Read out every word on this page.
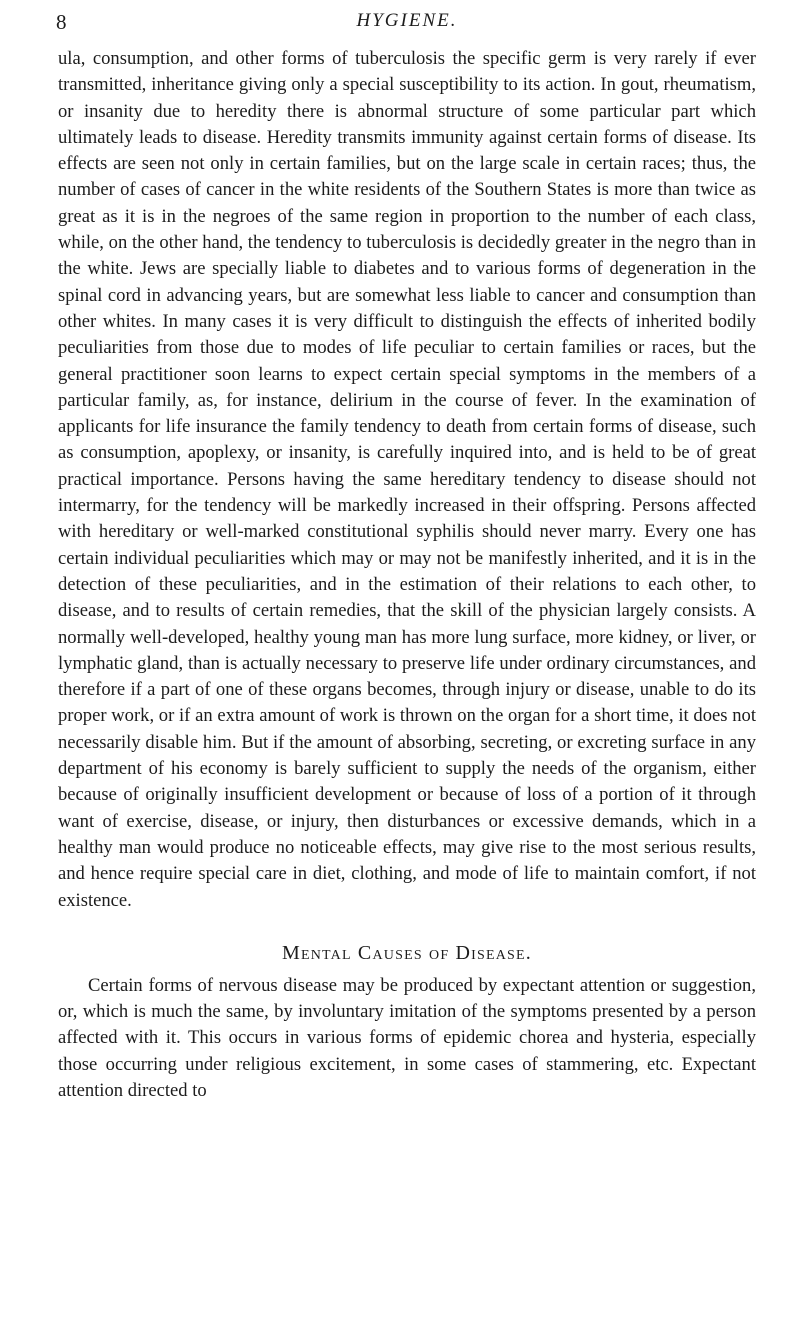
8	HYGIENE.

ula, consumption, and other forms of tuberculosis the specific germ is very rarely if ever transmitted, inheritance giving only a special susceptibility to its action. In gout, rheumatism, or insanity due to heredity there is abnormal structure of some particular part which ultimately leads to disease. Heredity transmits immunity against certain forms of disease. Its effects are seen not only in certain families, but on the large scale in certain races; thus, the number of cases of cancer in the white residents of the Southern States is more than twice as great as it is in the negroes of the same region in proportion to the number of each class, while, on the other hand, the tendency to tuberculosis is decidedly greater in the negro than in the white. Jews are specially liable to diabetes and to various forms of degeneration in the spinal cord in advancing years, but are somewhat less liable to cancer and consumption than other whites. In many cases it is very difficult to distinguish the effects of inherited bodily peculiarities from those due to modes of life peculiar to certain families or races, but the general practitioner soon learns to expect certain special symptoms in the members of a particular family, as, for instance, delirium in the course of fever. In the examination of applicants for life insurance the family tendency to death from certain forms of disease, such as consumption, apoplexy, or insanity, is carefully inquired into, and is held to be of great practical importance. Persons having the same hereditary tendency to disease should not intermarry, for the tendency will be markedly increased in their offspring. Persons affected with hereditary or well-marked constitutional syphilis should never marry. Every one has certain individual peculiarities which may or may not be manifestly inherited, and it is in the detection of these peculiarities, and in the estimation of their relations to each other, to disease, and to results of certain remedies, that the skill of the physician largely consists. A normally well-developed, healthy young man has more lung surface, more kidney, or liver, or lymphatic gland, than is actually necessary to preserve life under ordinary circumstances, and therefore if a part of one of these organs becomes, through injury or disease, unable to do its proper work, or if an extra amount of work is thrown on the organ for a short time, it does not necessarily disable him. But if the amount of absorbing, secreting, or excreting surface in any department of his economy is barely sufficient to supply the needs of the organism, either because of originally insufficient development or because of loss of a portion of it through want of exercise, disease, or injury, then disturbances or excessive demands, which in a healthy man would produce no noticeable effects, may give rise to the most serious results, and hence require special care in diet, clothing, and mode of life to maintain comfort, if not existence.

Mental Causes of Disease.

Certain forms of nervous disease may be produced by expectant attention or suggestion, or, which is much the same, by involuntary imitation of the symptoms presented by a person affected with it. This occurs in various forms of epidemic chorea and hysteria, especially those occurring under religious excitement, in some cases of stammering, etc. Expectant attention directed to
